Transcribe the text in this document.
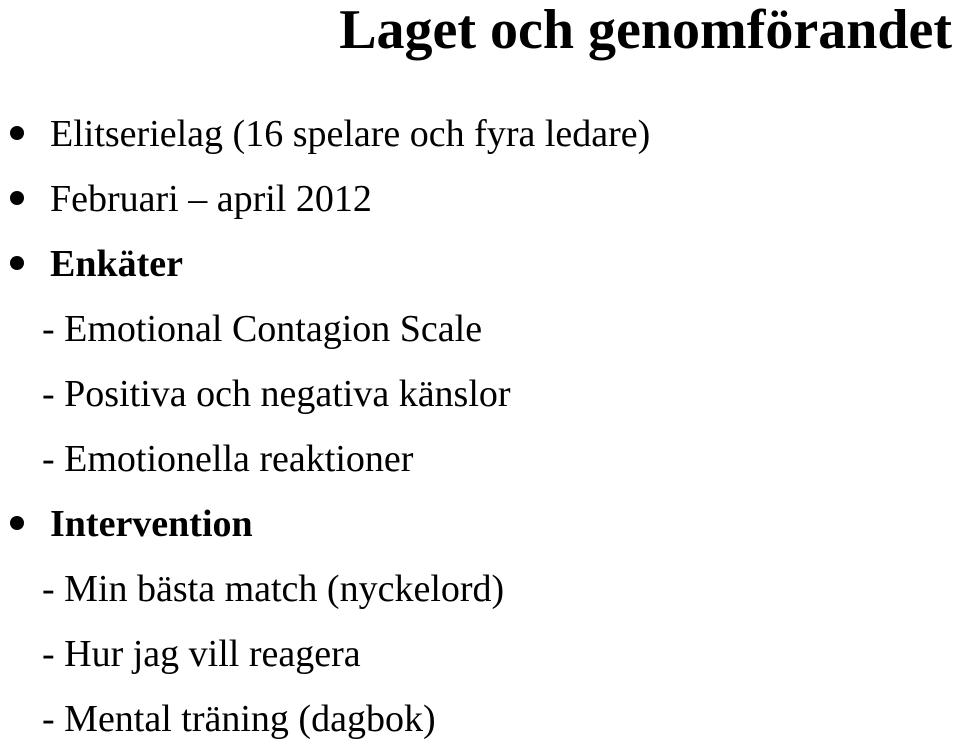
Laget och genomförandet
Elitserielag (16 spelare och fyra ledare)
Februari – april 2012
Enkäter
- Emotional Contagion Scale
- Positiva och negativa känslor
- Emotionella reaktioner
Intervention
- Min bästa match (nyckelord)
- Hur jag vill reagera
- Mental träning (dagbok)
